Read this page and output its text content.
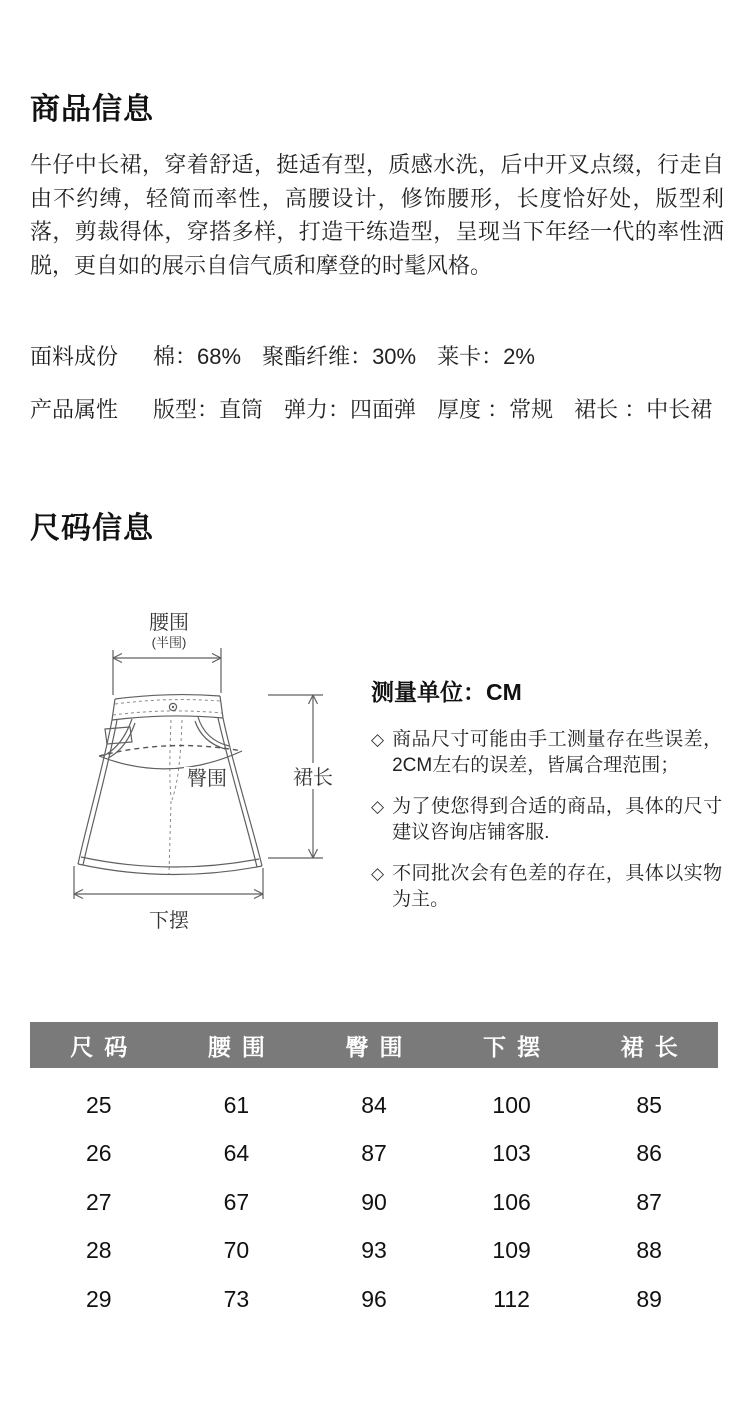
商品信息

牛仔中长裙，穿着舒适，挺适有型，质感水洗，后中开叉点缀，行走自由不约缚，轻简而率性，高腰设计，修饰腰形，长度恰好处，版型利落，剪裁得体，穿搭多样，打造干练造型，呈现当下年经一代的率性洒脱，更自如的展示自信气质和摩登的时髦风格。

面料成份 棉：68% 聚酯纤维：30% 莱卡：2%
产品属性 版型：直筒 弹力：四面弹 厚度 ：常规 裙长 ：中长裙
尺码信息
腰围
(半围)
臀围	裙长
下摆

测量单位：CM

◇ 商品尺寸可能由手工测量存在些误差，2CM左右的误差，皆属合理范围；

◇ 为了使您得到合适的商品，具体的尺寸建议咨询店铺客服.

◇ 不同批次会有色差的存在，具体以实物为主。

尺码	腰围	臀围	下摆	裙长
25	61	84	100	85
26	64	87	103	86
27	67	90	106	87
28	70	93	109	88
29	73	96	112	89
